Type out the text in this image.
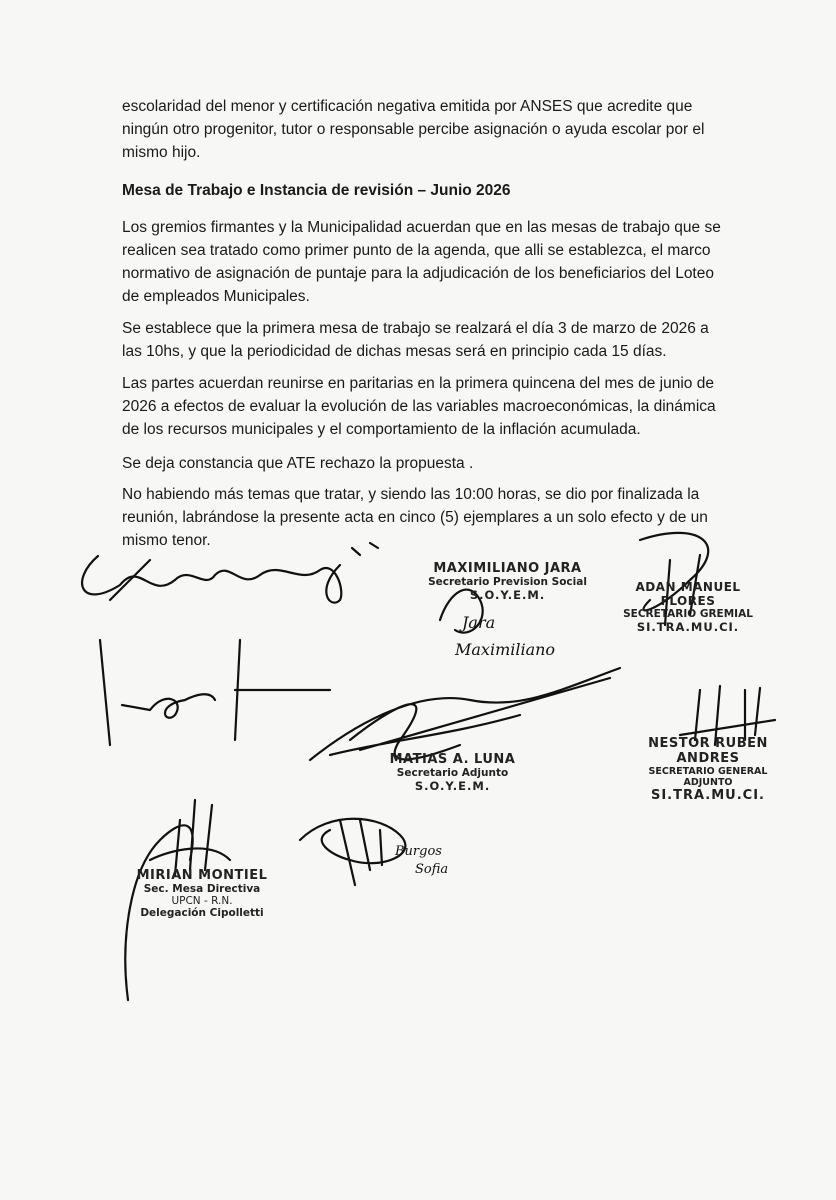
escolaridad del menor y certificación negativa emitida por ANSES que acredite que ningún otro progenitor, tutor o responsable percibe asignación o ayuda escolar por el mismo hijo.

Mesa de Trabajo e Instancia de revisión – Junio 2026

Los gremios firmantes y la Municipalidad acuerdan que en las mesas de trabajo que se realicen sea tratado como primer punto de la agenda, que alli se establezca, el marco normativo de asignación de puntaje para la adjudicación de los beneficiarios del Loteo de empleados Municipales.

Se establece que la primera mesa de trabajo se realzará el día 3 de marzo de 2026 a las 10hs, y que la periodicidad de dichas mesas será en principio cada 15 días.

Las partes acuerdan reunirse en paritarias en la primera quincena del mes de junio de 2026 a efectos de evaluar la evolución de las variables macroeconómicas, la dinámica de los recursos municipales y el comportamiento de la inflación acumulada.

Se deja constancia que ATE rechazo la propuesta .

No habiendo más temas que tratar, y siendo las 10:00 horas, se dio por finalizada la reunión, labrándose la presente acta en cinco (5) ejemplares a un solo efecto y de un mismo tenor.

Jara
Maximiliano
Burgos
Sofia
MAXIMILIANO JARA
Secretario Prevision Social
S.O.Y.E.M.
ADAN MANUEL FLORES
SECRETARIO GREMIAL
SI.TRA.MU.CI.
MATIAS A. LUNA
Secretario Adjunto
S.O.Y.E.M.
NESTOR RUBEN ANDRES
SECRETARIO GENERAL ADJUNTO
SI.TRA.MU.CI.
MIRIAN MONTIEL
Sec. Mesa Directiva
UPCN - R.N.
Delegación Cipolletti
